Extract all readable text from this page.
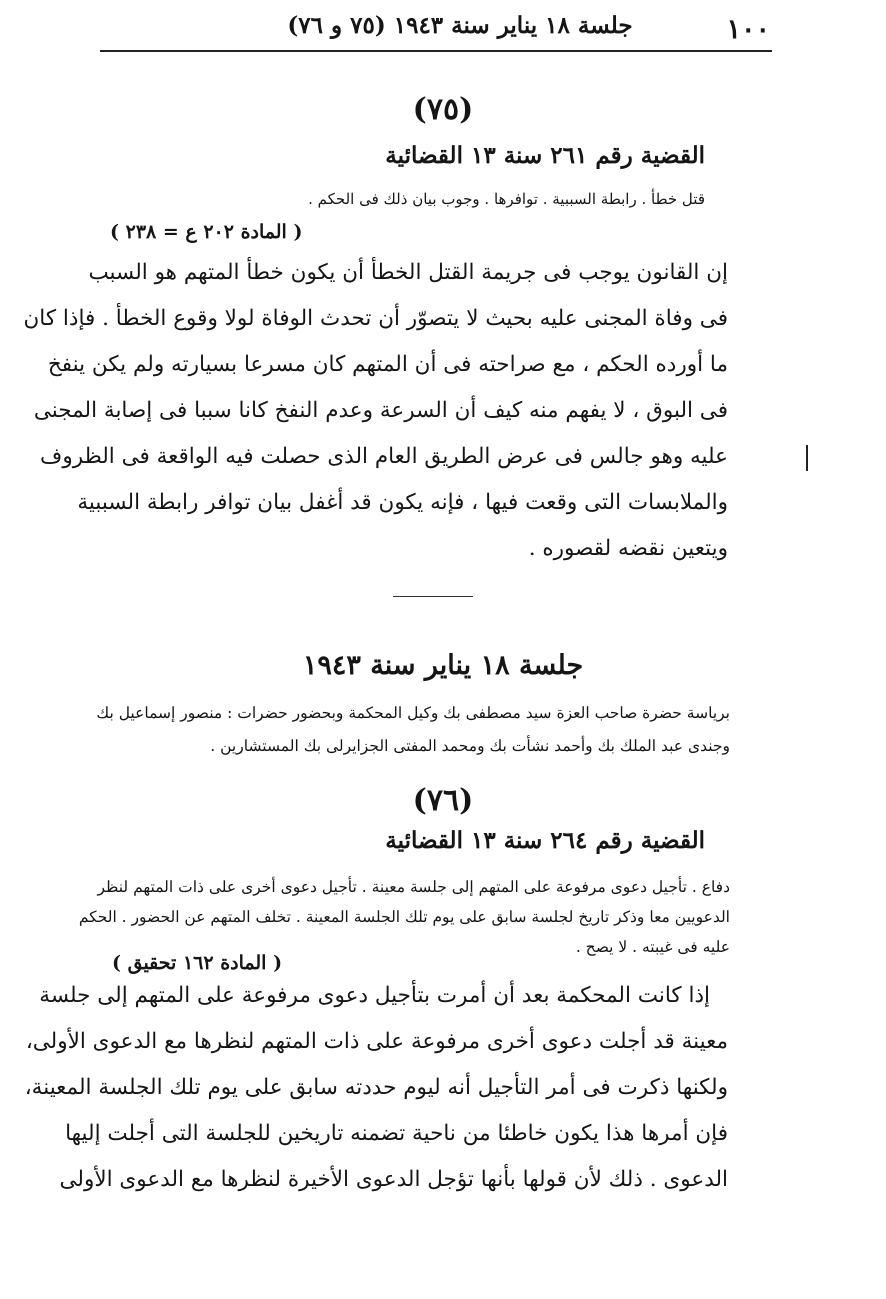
١٠٠
جلسة ١٨ يناير سنة ١٩٤٣ (٧٥ و ٧٦)
(٧٥)
القضية رقم ٢٦١ سنة ١٣ القضائية
قتل خطأ . رابطة السببية . توافرها . وجوب بيان ذلك فى الحكم .
( المادة ٢٠٢ ع = ٢٣٨ )
إن القانون يوجب فى جريمة القتل الخطأ أن يكون خطأ المتهم هو السبب
فى وفاة المجنى عليه بحيث لا يتصوّر أن تحدث الوفاة لولا وقوع الخطأ . فإذا كان
ما أورده الحكم ، مع صراحته فى أن المتهم كان مسرعا بسيارته ولم يكن ينفخ
فى البوق ، لا يفهم منه كيف أن السرعة وعدم النفخ كانا سببا فى إصابة المجنى
عليه وهو جالس فى عرض الطريق العام الذى حصلت فيه الواقعة فى الظروف
والملابسات التى وقعت فيها ، فإنه يكون قد أغفل بيان توافر رابطة السببية
ويتعين نقضه لقصوره .
جلسة ١٨ يناير سنة ١٩٤٣
برياسة حضرة صاحب العزة سيد مصطفى بك وكيل المحكمة وبحضور حضرات : منصور إسماعيل بك
وجندى عبد الملك بك وأحمد نشأت بك ومحمد المفتى الجزايرلى بك المستشارين .
(٧٦)
القضية رقم ٢٦٤ سنة ١٣ القضائية
دفاع . تأجيل دعوى مرفوعة على المتهم إلى جلسة معينة . تأجيل دعوى أخرى على ذات المتهم لنظر
الدعويين معا وذكر تاريخ لجلسة سابق على يوم تلك الجلسة المعينة . تخلف المتهم عن الحضور . الحكم
عليه فى غيبته . لا يصح .
( المادة ١٦٢ تحقيق )
إذا كانت المحكمة بعد أن أمرت بتأجيل دعوى مرفوعة على المتهم إلى جلسة
معينة قد أجلت دعوى أخرى مرفوعة على ذات المتهم لنظرها مع الدعوى الأولى،
ولكنها ذكرت فى أمر التأجيل أنه ليوم حددته سابق على يوم تلك الجلسة المعينة،
فإن أمرها هذا يكون خاطئا من ناحية تضمنه تاريخين للجلسة التى أجلت إليها
الدعوى . ذلك لأن قولها بأنها تؤجل الدعوى الأخيرة لنظرها مع الدعوى الأولى
